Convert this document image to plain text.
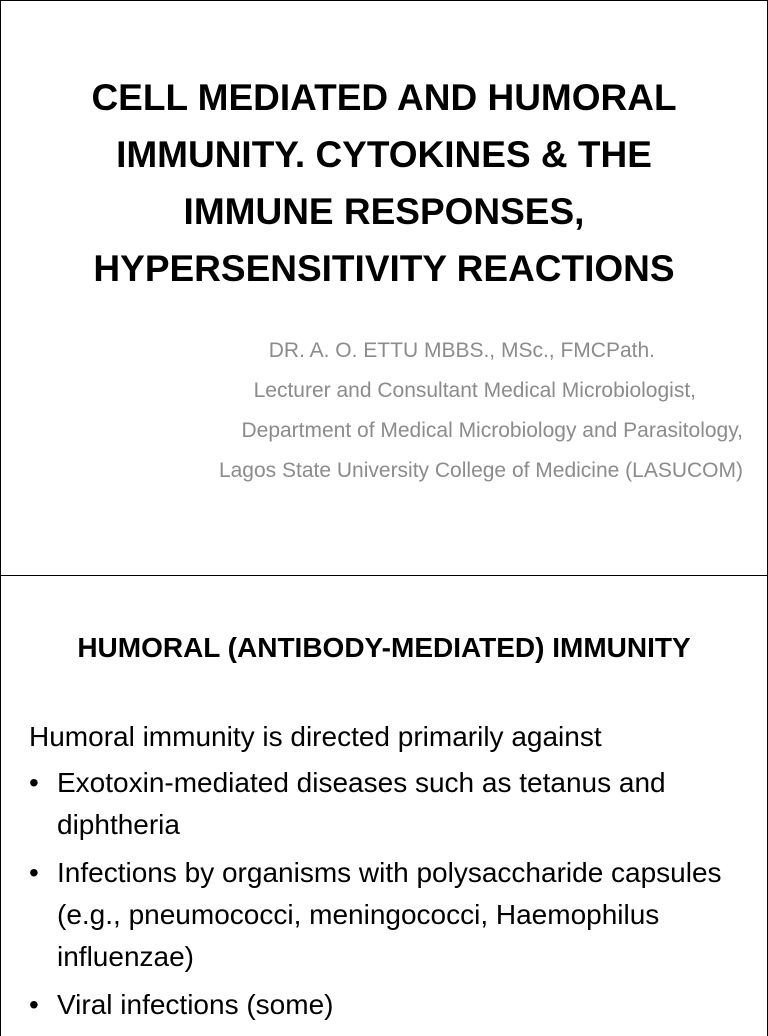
CELL MEDIATED AND HUMORAL
IMMUNITY. CYTOKINES & THE
IMMUNE RESPONSES,
HYPERSENSITIVITY REACTIONS
DR. A. O. ETTU MBBS., MSc., FMCPath.
Lecturer and Consultant Medical Microbiologist,
Department of Medical Microbiology and Parasitology,
Lagos State University College of Medicine (LASUCOM)
HUMORAL (ANTIBODY-MEDIATED) IMMUNITY
Humoral immunity is directed primarily against
• Exotoxin-mediated diseases such as tetanus and diphtheria
• Infections by organisms with polysaccharide capsules (e.g., pneumococci, meningococci, Haemophilus influenzae)
• Viral infections (some)
